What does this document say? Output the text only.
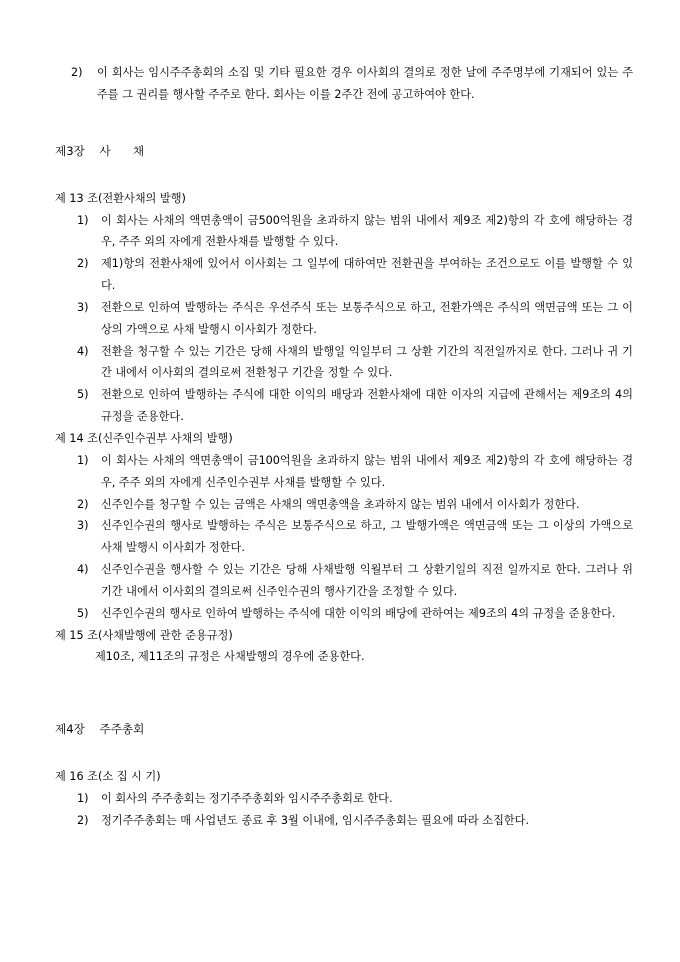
2)	이 회사는 임시주주총회의 소집 및 기타 필요한 경우 이사회의 결의로 정한 날에 주주명부에 기재되어 있는 주주를 그 권리를 행사할 주주로 한다. 회사는 이를 2주간 전에 공고하여야 한다.
제3장    사      채
제 13 조(전환사채의 발행)
1)	이 회사는 사채의 액면총액이 금500억원을 초과하지 않는 범위 내에서 제9조 제2)항의 각 호에 해당하는 경우, 주주 외의 자에게 전환사채를 발행할 수 있다.
2)	제1)항의 전환사채에 있어서 이사회는 그 일부에 대하여만 전환권을 부여하는 조건으로도 이를 발행할 수 있다.
3)	전환으로 인하여 발행하는 주식은 우선주식 또는 보통주식으로 하고, 전환가액은 주식의 액면금액 또는 그 이상의 가액으로 사채 발행시 이사회가 정한다.
4)	전환을 청구할 수 있는 기간은 당해 사채의 발행일 익일부터 그 상환 기간의 직전일까지로 한다. 그러나 귀 기간 내에서 이사회의 결의로써 전환청구 기간을 정할 수 있다.
5)	전환으로 인하여 발행하는 주식에 대한 이익의 배당과 전환사채에 대한 이자의 지급에 관해서는 제9조의 4의 규정을 준용한다.
제 14 조(신주인수권부 사채의 발행)
1)	이 회사는 사채의 액면총액이 금100억원을 초과하지 않는 범위 내에서 제9조 제2)항의 각 호에 해당하는 경우, 주주 외의 자에게 신주인수권부 사채를 발행할 수 있다.
2)	신주인수를 청구할 수 있는 금액은 사채의 액면총액을 초과하지 않는 범위 내에서 이사회가 정한다.
3)	신주인수권의 행사로 발행하는 주식은 보통주식으로 하고, 그 발행가액은 액면금액 또는 그 이상의 가액으로 사채 발행시 이사회가 정한다.
4)	신주인수권을 행사할 수 있는 기간은 당해 사채발행 익월부터 그 상환기일의 직전 일까지로 한다. 그러나 위 기간 내에서 이사회의 결의로써 신주인수권의 행사기간을 조정할 수 있다.
5)	신주인수권의 행사로 인하여 발행하는 주식에 대한 이익의 배당에 관하여는 제9조의 4의 규정을 준용한다.
제 15 조(사채발행에 관한 준용규정)
제10조, 제11조의 규정은 사채발행의 경우에 준용한다.
제4장    주주총회
제 16 조(소 집 시 기)
1)	이 회사의 주주총회는 정기주주총회와 임시주주총회로 한다.
2)	정기주주총회는 매 사업년도 종료 후 3월 이내에, 임시주주총회는 필요에 따라 소집한다.
